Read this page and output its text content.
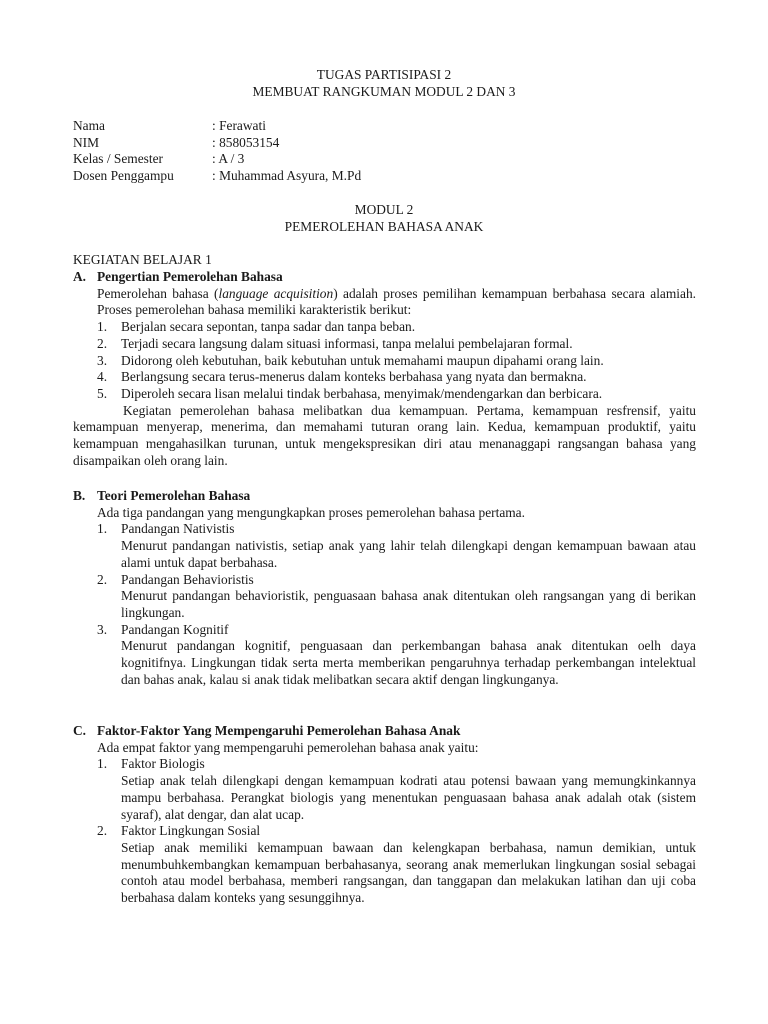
TUGAS PARTISIPASI 2
MEMBUAT RANGKUMAN MODUL 2 DAN 3
Nama	: Ferawati
NIM	: 858053154
Kelas / Semester	: A / 3
Dosen Penggampu	: Muhammad Asyura, M.Pd
MODUL 2
PEMEROLEHAN BAHASA ANAK
KEGIATAN BELAJAR 1
A. Pengertian Pemerolehan Bahasa
Pemerolehan bahasa (language acquisition) adalah proses pemilihan kemampuan berbahasa secara alamiah. Proses pemerolehan bahasa memiliki karakteristik berikut:
1.	Berjalan secara sepontan, tanpa sadar dan tanpa beban.
2.	Terjadi secara langsung dalam situasi informasi, tanpa melalui pembelajaran formal.
3.	Didorong oleh kebutuhan, baik kebutuhan untuk memahami maupun dipahami orang lain.
4.	Berlangsung secara terus-menerus dalam konteks berbahasa yang nyata dan bermakna.
5.	Diperoleh secara lisan melalui tindak berbahasa, menyimak/mendengarkan dan berbicara.
Kegiatan pemerolehan bahasa melibatkan dua kemampuan. Pertama, kemampuan resfrensif, yaitu kemampuan menyerap, menerima, dan memahami tuturan orang lain. Kedua, kemampuan produktif, yaitu kemampuan mengahasilkan turunan, untuk mengekspresikan diri atau menanaggapi rangsangan bahasa yang disampaikan oleh orang lain.
B. Teori Pemerolehan Bahasa
Ada tiga pandangan yang mengungkapkan proses pemerolehan bahasa pertama.
1.	Pandangan Nativistis
Menurut pandangan nativistis, setiap anak yang lahir telah dilengkapi dengan kemampuan bawaan atau alami untuk dapat berbahasa.
2.	Pandangan Behavioristis
Menurut pandangan behavioristik, penguasaan bahasa anak ditentukan oleh rangsangan yang di berikan lingkungan.
3.	Pandangan Kognitif
Menurut pandangan kognitif, penguasaan dan perkembangan bahasa anak ditentukan oelh daya kognitifnya. Lingkungan tidak serta merta memberikan pengaruhnya terhadap perkembangan intelektual dan bahas anak, kalau si anak tidak melibatkan secara aktif dengan lingkunganya.
C. Faktor-Faktor Yang Mempengaruhi Pemerolehan Bahasa Anak
Ada empat faktor yang mempengaruhi pemerolehan bahasa anak yaitu:
1.	Faktor Biologis
Setiap anak telah dilengkapi dengan kemampuan kodrati atau potensi bawaan yang memungkinkannya mampu berbahasa. Perangkat biologis yang menentukan penguasaan bahasa anak adalah otak (sistem syaraf), alat dengar, dan alat ucap.
2.	Faktor Lingkungan Sosial
Setiap anak memiliki kemampuan bawaan dan kelengkapan berbahasa, namun demikian, untuk menumbuhkembangkan kemampuan berbahasanya, seorang anak memerlukan lingkungan sosial sebagai contoh atau model berbahasa, memberi rangsangan, dan tanggapan dan melakukan latihan dan uji coba berbahasa dalam konteks yang sesunggihnya.
